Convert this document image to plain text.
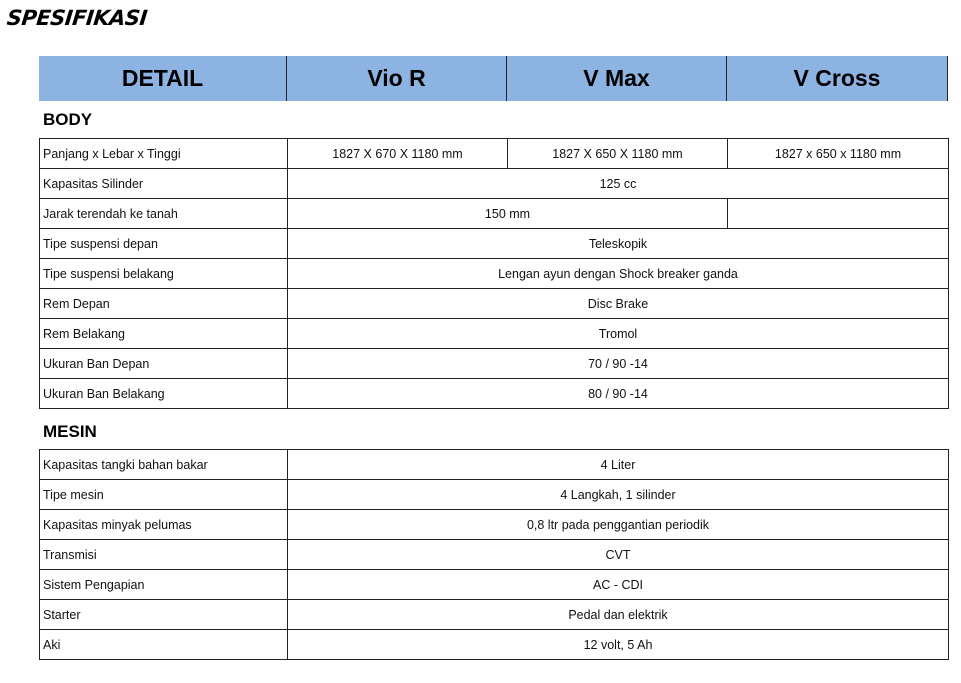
SPESIFIKASI
DETAIL	Vio R	V Max	V Cross
BODY
Panjang x Lebar x Tinggi	1827 X 670 X 1180 mm	1827 X 650 X 1180 mm	1827 x 650 x 1180 mm
Kapasitas Silinder	125 cc		
Jarak terendah ke tanah	150 mm		
Tipe suspensi depan	Teleskopik		
Tipe suspensi belakang	Lengan ayun dengan Shock breaker ganda		
Rem Depan	Disc Brake		
Rem Belakang	Tromol		
Ukuran Ban Depan	70 / 90 -14		
Ukuran Ban Belakang	80 / 90 -14		
MESIN
Kapasitas tangki bahan bakar	4 Liter
Tipe mesin	4 Langkah, 1 silinder
Kapasitas minyak pelumas	0,8 ltr pada penggantian periodik
Transmisi	CVT
Sistem Pengapian	AC - CDI
Starter	Pedal dan elektrik
Aki	12 volt, 5 Ah
